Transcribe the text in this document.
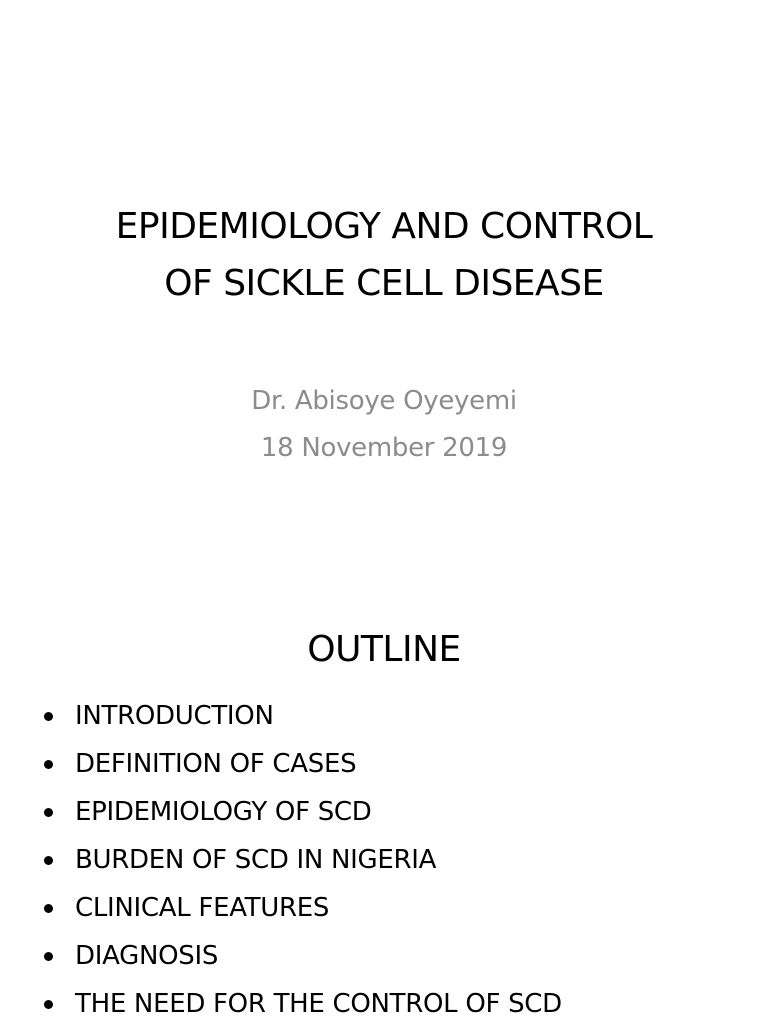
EPIDEMIOLOGY AND CONTROL
OF SICKLE CELL DISEASE
Dr. Abisoye Oyeyemi
18 November 2019
OUTLINE
INTRODUCTION
DEFINITION OF CASES
EPIDEMIOLOGY OF SCD
BURDEN OF SCD IN NIGERIA
CLINICAL FEATURES
DIAGNOSIS
THE NEED FOR THE CONTROL OF SCD
